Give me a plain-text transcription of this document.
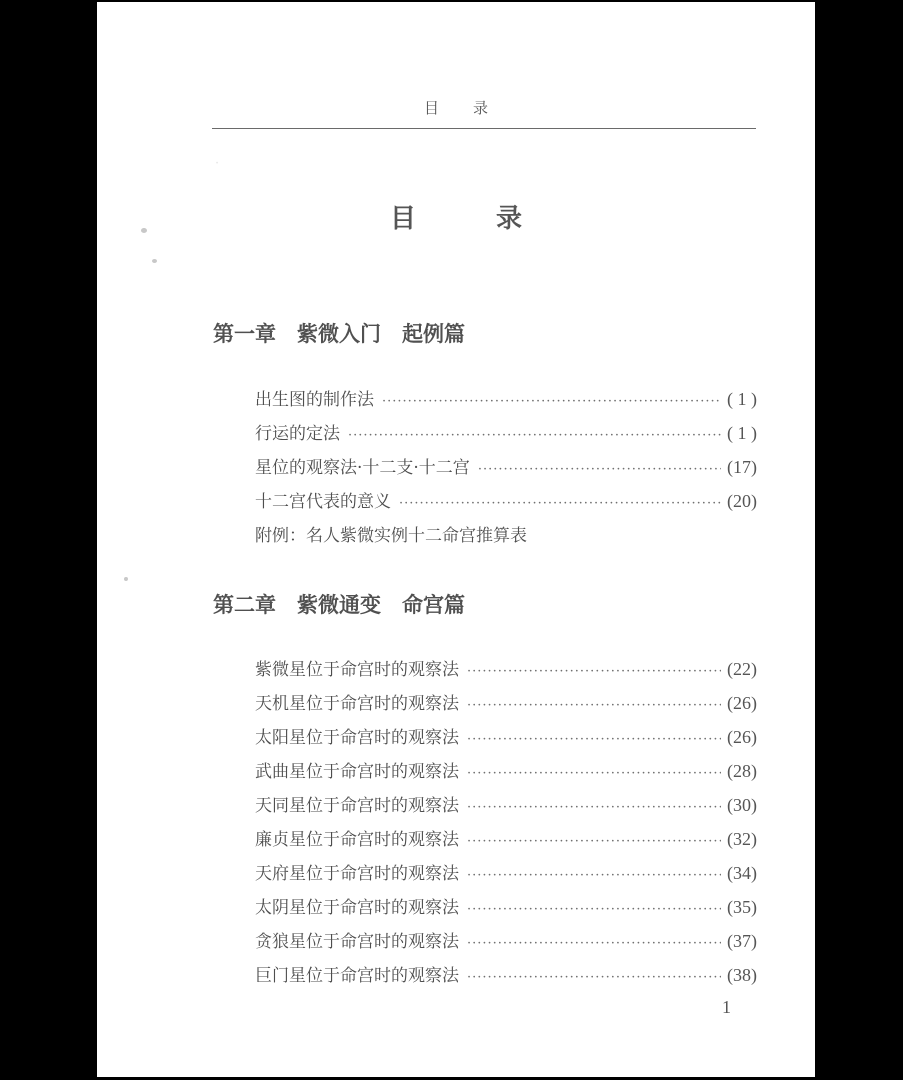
·　　　　　　　　　　　　　　　　　　　　　　　　　　　　　　　　
目 录
目	录
第一章　紫微入门　起例篇
出生图的制作法 ·····	( 1 )
行运的定法 ·····	( 1 )
星位的观察法·十二支·十二宫 ·····	(17)
十二宫代表的意义 ·····	(20)
附例：名人紫微实例十二命宫推算表
第二章　紫微通变　命宫篇
紫微星位于命宫时的观察法 ·····	(22)
天机星位于命宫时的观察法 ·····	(26)
太阳星位于命宫时的观察法 ·····	(26)
武曲星位于命宫时的观察法 ·····	(28)
天同星位于命宫时的观察法 ·····	(30)
廉贞星位于命宫时的观察法 ·····	(32)
天府星位于命宫时的观察法 ·····	(34)
太阴星位于命宫时的观察法 ·····	(35)
贪狼星位于命宫时的观察法 ·····	(37)
巨门星位于命宫时的观察法 ·····	(38)
1
